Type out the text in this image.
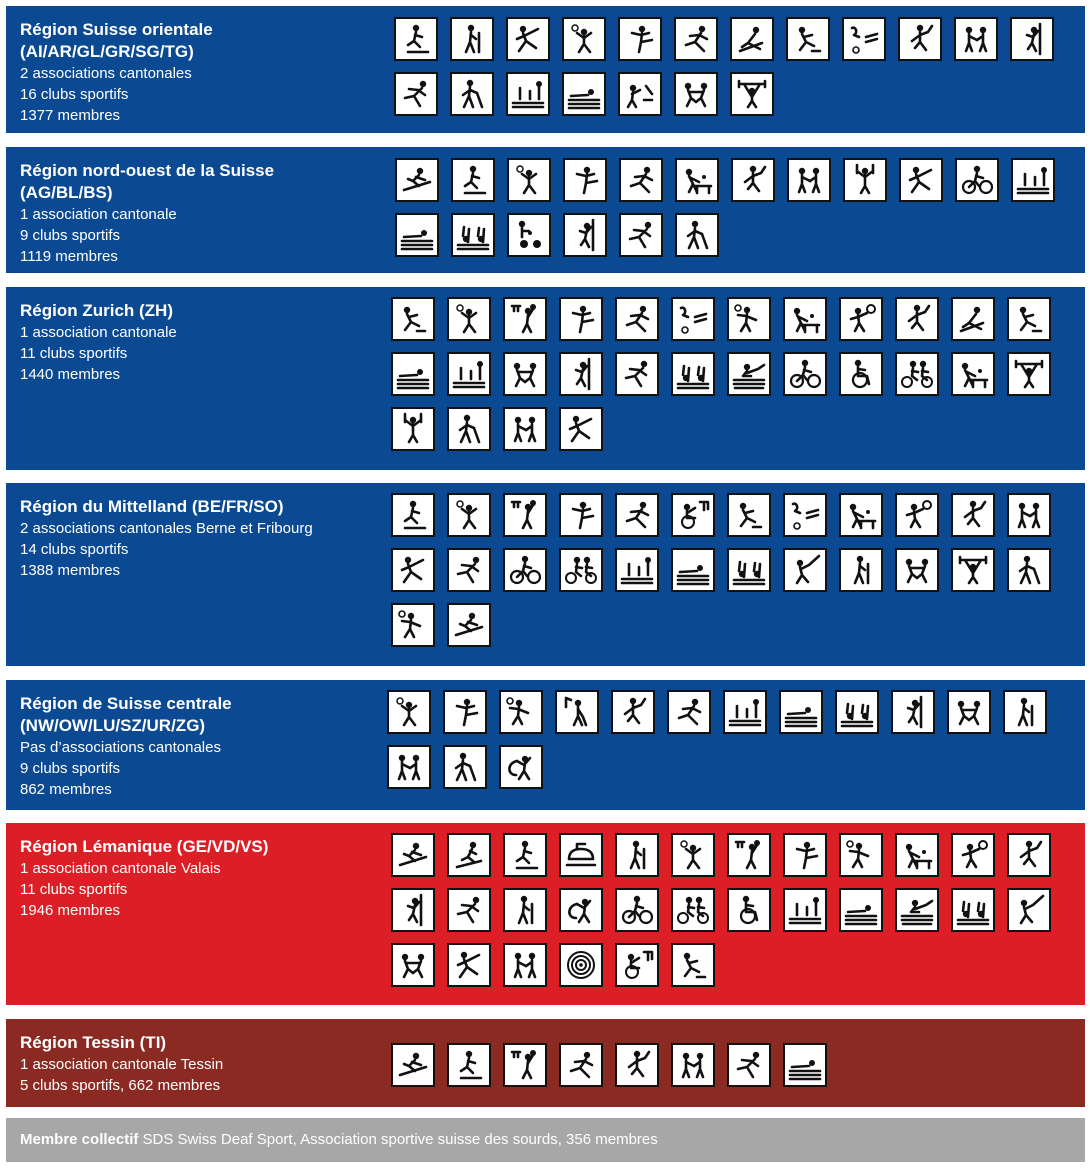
Région Suisse orientale
(AI/AR/GL/GR/SG/TG)
2 associations cantonales
16 clubs sportifs
1377 membres
Région nord-ouest de la Suisse
(AG/BL/BS)
1 association cantonale
9 clubs sportifs
1119 membres
Région Zurich (ZH)
1 association cantonale
11 clubs sportifs
1440 membres
Région du Mittelland (BE/FR/SO)
2 associations cantonales Berne et Fribourg
14 clubs sportifs
1388 membres
Région de Suisse centrale
(NW/OW/LU/SZ/UR/ZG)
Pas d’associations cantonales
9 clubs sportifs
862 membres
Région Lémanique (GE/VD/VS)
1 association cantonale Valais
11 clubs sportifs
1946 membres
Région Tessin (TI)
1 association cantonale Tessin
5 clubs sportifs, 662 membres
Membre collectif SDS Swiss Deaf Sport, Association sportive suisse des sourds, 356 membres
